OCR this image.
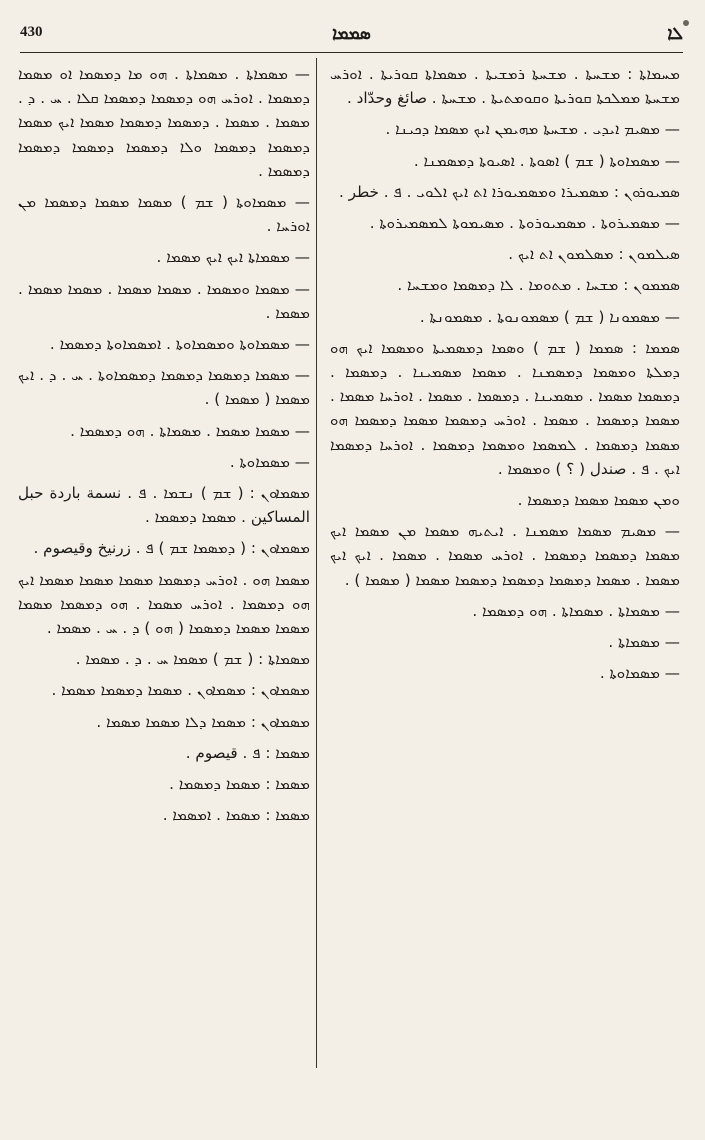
430	ܣܡܡܐ	ܠܐ

ܡܚܡܐܬܐ : ܡܫܚܬܐ . ܡܫܚܬܐ ܪܡܫܝܬܐ . ܡܣܡܐܬܐ ܩܘܪܝܬܐ . ܐܘܪܚ ܡܫܚܬܐ ܡܡܠܟܬܐ ܩܘܪܝܬܐ ܘܩܘܡܬܝܬܐ . ܡܫܚܬܐ . صائغ وحدّاد .

— ܡܣܝܡ ܐܝܕܝ . ܡܫܚܬܐ ܡܗܝܡܢ ܐܝܟ ܡܣܡܐ ܕܟܝܢܐ .

— ܡܣܡܐܘܬܐ ( ܫܡ ) ܐܣܘܬܐ . ܐܣܝܘܬܐ ܕܡܣܡܢܐ .

ܣܡܝܘܪܘܢ : ܡܣܡܝܪܐ ܘܡܣܡܝܘܪܐ ܐܬ ܐܝܟ ܐܠܘܝ . ܦ . خطر .

— ܡܣܡܝܪܘܬܐ . ܡܣܡܝܘܪܘܬܐ . ܡܣܝܡܘܬܐ ܠܡܣܡܝܪܘܬܐ .

ܣܝܠܡܘܢ : ܡܣܠܡܘܢ ܐܬ ܐܝܟ .

ܣܡܡܘܢ : ܡܫܚܐ . ܡܬܘܡܐ . ܠܐ ܕܡܣܡܐ ܘܡܫܚܐ .

— ܡܣܡܘܢܐ ( ܫܡ ) ܡܣܡܘܢܘܬܐ . ܡܣܡܘܢܬܐ .

ܣܡܡܐ : ܣܡܡܐ ( ܫܡ ) ܘܣܡܐ ܕܡܣܡܝܬܐ ܘܡܣܡܐ ܐܝܟ ܗܘ ܕܡܠܬܐ ܘܡܣܡܐ ܕܡܣܡܢܐ . ܡܣܡܐ ܡܣܡܝܢܐ . ܕܡܣܡܐ . ܕܡܣܡܐ ܡܣܡܐ . ܡܣܡܝܢܐ . ܕܡܣܡܐ . ܡܣܡܐ . ܐܘܪܚܐ ܡܣܡܐ . ܡܣܡܐ ܕܡܣܡܐ . ܡܣܡܐ . ܐܘܪܚ ܕܡܣܡܐ ܡܣܡܐ ܕܡܣܡܐ ܗܘ ܡܣܡܐ ܕܡܣܡܐ . ܠܡܣܡܐ ܘܡܣܡܐ ܕܡܣܡܐ . ܐܘܪܚܐ ܕܡܣܡܐ ܐܝܟ . ܦ . صندل ( ؟ ) ܘܡܣܡܐ .

ܘܡܢ ܡܣܡܐ ܡܣܡܐ ܕܡܣܡܐ .

— ܡܣܝܡ ܡܣܡܐ ܡܣܡܢܐ . ܐܝܬܝܗ ܡܣܡܐ ܡܢ ܡܣܡܐ ܐܝܟ ܡܣܡܐ ܕܡܣܡܐ ܕܡܣܡܐ . ܐܘܪܚ ܡܣܡܐ . ܡܣܡܐ . ܐܝܟ ܐܝܟ ܡܣܡܐ . ܡܣܡܐ ܕܡܣܡܐ ܕܡܣܡܐ ܕܡܣܡܐ ܡܣܡܐ ( ܡܣܡܐ ) .

— ܡܣܡܐܬܐ . ܡܣܡܐܬܐ . ܗܘ ܕܡܣܡܐ .

— ܡܣܡܐܬܐ .

— ܡܣܡܐܘܬܐ .

— ܡܣܡܐܬܐ . ܡܣܡܐܬܐ . ܗܘ ܡܐ ܕܡܣܡܐ ܐܘ ܡܣܡܐ ܕܡܣܡܐ . ܐܘܪܚ ܗܘ ܕܡܣܡܐ ܕܡܣܡܐ ܩܠܐ . ܚ . ܕ . ܡܣܡܐ . ܡܣܡܐ . ܕܡܣܡܐ ܕܡܣܡܐ ܡܣܡܐ ܐܝܟ ܡܣܡܐ ܕܡܣܡܐ ܕܡܣܡܐ ܘܠܐ ܕܡܣܡܐ ܕܡܣܡܐ ܕܡܣܡܐ ܕܡܣܡܐ .

— ܡܣܡܐܘܬܐ ( ܫܡ ) ܡܣܡܐ ܡܣܡܐ ܕܡܣܡܐ ܡܢ ܐܘܪܚܐ .

— ܡܣܡܐܬܐ ܐܝܟ ܐܝܟ ܡܣܡܐ .

— ܡܣܡܐ ܘܡܣܡܐ . ܡܣܡܐ ܡܣܡܐ . ܡܣܡܐ ܡܣܡܐ . ܡܣܡܐ .

— ܡܣܡܐܘܬܐ ܘܡܣܡܐܘܬܐ . ܐܡܣܡܐܘܬܐ ܕܡܣܡܐ .

— ܡܣܡܐ ܕܡܣܡܐ ܕܡܣܡܐ ܕܡܣܡܐܘܬܐ . ܚ . ܕ . ܐܝܟ ܡܣܡܐ ( ܡܣܡܐ ) .

— ܡܣܡܐ ܡܣܡܐ . ܡܣܡܐܬܐ . ܗܘ ܕܡܣܡܐ .

— ܡܣܡܐܘܬܐ .

ܡܣܡܐܘܢ : ( ܫܡ ) ܢܫܡܐ . ܦ . نسمة باردة حبل المساكين . ܡܣܡܐ ܕܡܣܡܐ .

ܡܣܡܐܘܢ : ( ܕܡܣܡܐ ܫܡ ) ܦ . زرنيخ وقيصوم .

ܡܣܡܐ ܗܘ . ܐܘܪܚ ܕܡܣܡܐ ܡܣܡܐ ܡܣܡܐ ܡܣܡܐ ܐܝܟ ܗܘ ܕܡܣܡܐ . ܐܘܪܚ ܡܣܡܐ . ܗܘ ܕܡܣܡܐ ܡܣܡܐ ܡܣܡܐ ܡܣܡܐ ܕܡܣܡܐ ( ܗܘ ) ܕ . ܚ . ܡܣܡܐ .

ܡܣܡܐܬܐ : ( ܫܡ ) ܡܣܡܐ ܚ . ܕ . ܡܣܡܐ .

ܡܣܡܐܘܢ : ܡܣܡܐܘܢ . ܡܣܡܐ ܕܡܣܡܐ ܡܣܡܐ .

ܡܣܡܐܘܢ : ܡܣܡܐ ܕܠܐ ܡܣܡܐ ܡܣܡܐ .

ܡܣܡܐ : ܦ . قيصوم .

ܡܣܡܐ : ܡܣܡܐ ܕܡܣܡܐ .

ܡܣܡܐ : ܡܣܡܐ . ܐܡܣܡܐ .
